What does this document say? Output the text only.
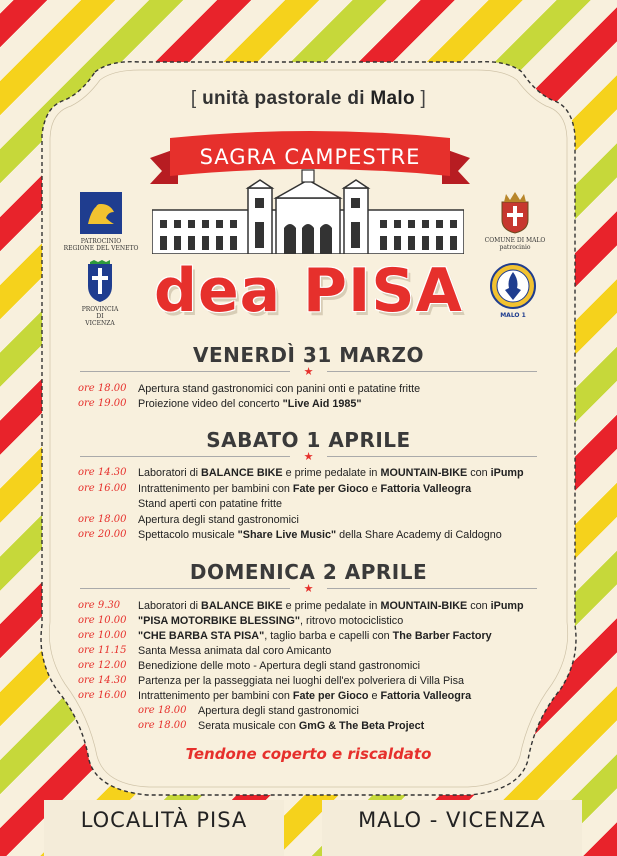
[ unità pastorale di Malo ]
SAGRA CAMPESTRE
PATROCINIO
REGIONE DEL VENETO
PROVINCIA
DI
VICENZA
COMUNE DI MALO
patrocinio
MALO 1
dea PISA
VENERDÌ 31 MARZO
★
SABATO 1 APRILE
★
DOMENICA 2 APRILE
★
ore 18.00 Apertura stand gastronomici con panini onti e patatine fritte
ore 19.00 Proiezione video del concerto "Live Aid 1985"
ore 14.30 Laboratori di BALANCE BIKE e prime pedalate in MOUNTAIN-BIKE con iPump
ore 16.00 Intrattenimento per bambini con Fate per Gioco e Fattoria Valleogra
Stand aperti con patatine fritte
ore 18.00 Apertura degli stand gastronomici
ore 20.00 Spettacolo musicale "Share Live Music" della Share Academy di Caldogno
ore 9.30 Laboratori di BALANCE BIKE e prime pedalate in MOUNTAIN-BIKE con iPump
ore 10.00 "PISA MOTORBIKE BLESSING", ritrovo motociclistico
ore 10.00 "CHE BARBA STA PISA", taglio barba e capelli con The Barber Factory
ore 11.15 Santa Messa animata dal coro Amicanto
ore 12.00 Benedizione delle moto - Apertura degli stand gastronomici
ore 14.30 Partenza per la passeggiata nei luoghi dell'ex polveriera di Villa Pisa
ore 16.00 Intrattenimento per bambini con Fate per Gioco e Fattoria Valleogra
ore 18.00 Apertura degli stand gastronomici
ore 18.00 Serata musicale con GmG & The Beta Project
Tendone coperto e riscaldato
LOCALITÀ PISA	MALO - VICENZA
